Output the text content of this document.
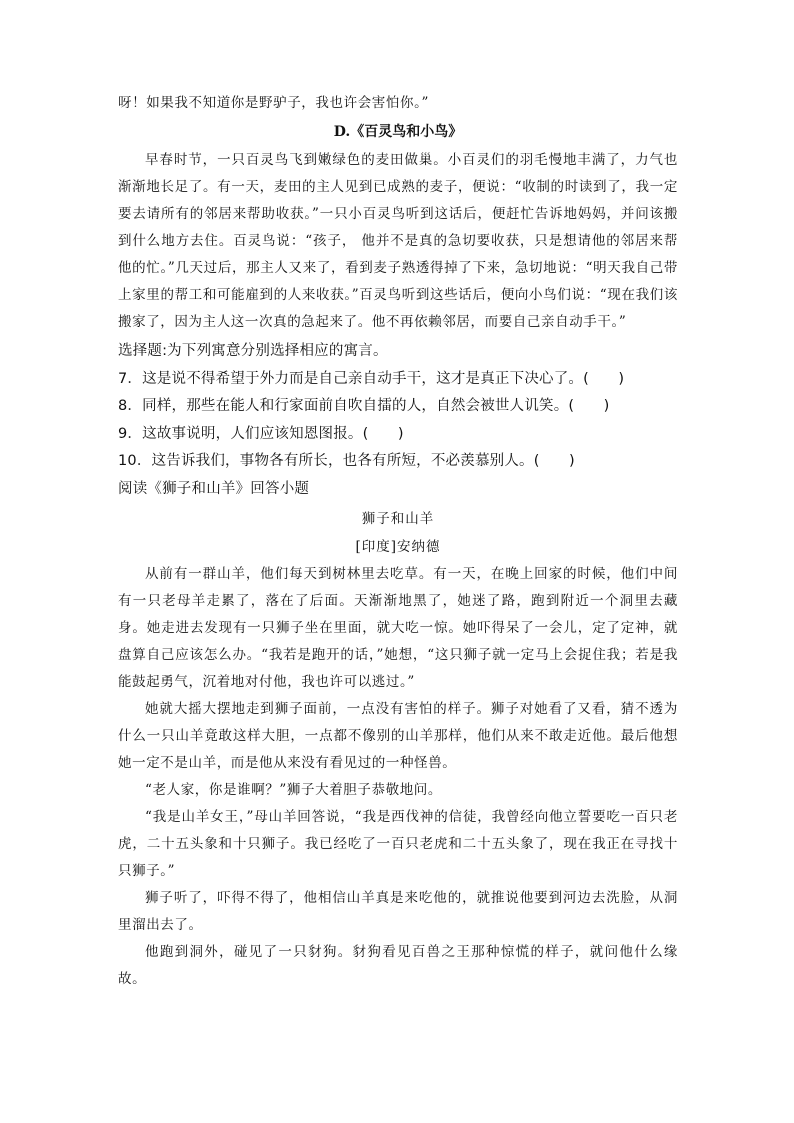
呀！如果我不知道你是野驴子，我也许会害怕你。”

D.《百灵鸟和小鸟》

早春时节，一只百灵鸟飞到嫩绿色的麦田做巢。小百灵们的羽毛慢地丰满了，力气也渐渐地长足了。有一天，麦田的主人见到已成熟的麦子，便说：“收制的时读到了，我一定要去请所有的邻居来帮助收获。”一只小百灵鸟听到这话后，便赶忙告诉地妈妈，并问该搬到什么地方去住。百灵鸟说：“孩子， 他并不是真的急切要收获，只是想请他的邻居来帮他的忙。”几天过后，那主人又来了，看到麦子熟透得掉了下来，急切地说：“明天我自己带上家里的帮工和可能雇到的人来收获。”百灵鸟听到这些话后，便向小鸟们说：“现在我们该搬家了，因为主人这一次真的急起来了。他不再依赖邻居，而要自己亲自动手干。”

选择题:为下列寓意分别选择相应的寓言。

7．这是说不得希望于外力而是自己亲自动手干，这才是真正下决心了。(　　)

8．同样，那些在能人和行家面前自吹自擂的人，自然会被世人讥笑。(　　)

9．这故事说明，人们应该知恩图报。(　　)

10．这告诉我们，事物各有所长，也各有所短，不必羡慕别人。(　　)

阅读《狮子和山羊》回答小题

狮子和山羊

[印度]安纳德

从前有一群山羊，他们每天到树林里去吃草。有一天，在晚上回家的时候，他们中间有一只老母羊走累了，落在了后面。天渐渐地黑了，她迷了路，跑到附近一个洞里去藏身。她走进去发现有一只狮子坐在里面，就大吃一惊。她吓得呆了一会儿，定了定神，就盘算自己应该怎么办。“我若是跑开的话，”她想，“这只狮子就一定马上会捉住我；若是我能鼓起勇气，沉着地对付他，我也许可以逃过。”

她就大摇大摆地走到狮子面前，一点没有害怕的样子。狮子对她看了又看，猜不透为什么一只山羊竟敢这样大胆，一点都不像别的山羊那样，他们从来不敢走近他。最后他想她一定不是山羊，而是他从来没有看见过的一种怪兽。

“老人家，你是谁啊？”狮子大着胆子恭敬地问。

“我是山羊女王，”母山羊回答说，“我是西伐神的信徒，我曾经向他立誓要吃一百只老虎，二十五头象和十只狮子。我已经吃了一百只老虎和二十五头象了，现在我正在寻找十只狮子。”

狮子听了，吓得不得了，他相信山羊真是来吃他的，就推说他要到河边去洗脸，从洞里溜出去了。

他跑到洞外，碰见了一只豺狗。豺狗看见百兽之王那种惊慌的样子，就问他什么缘故。
